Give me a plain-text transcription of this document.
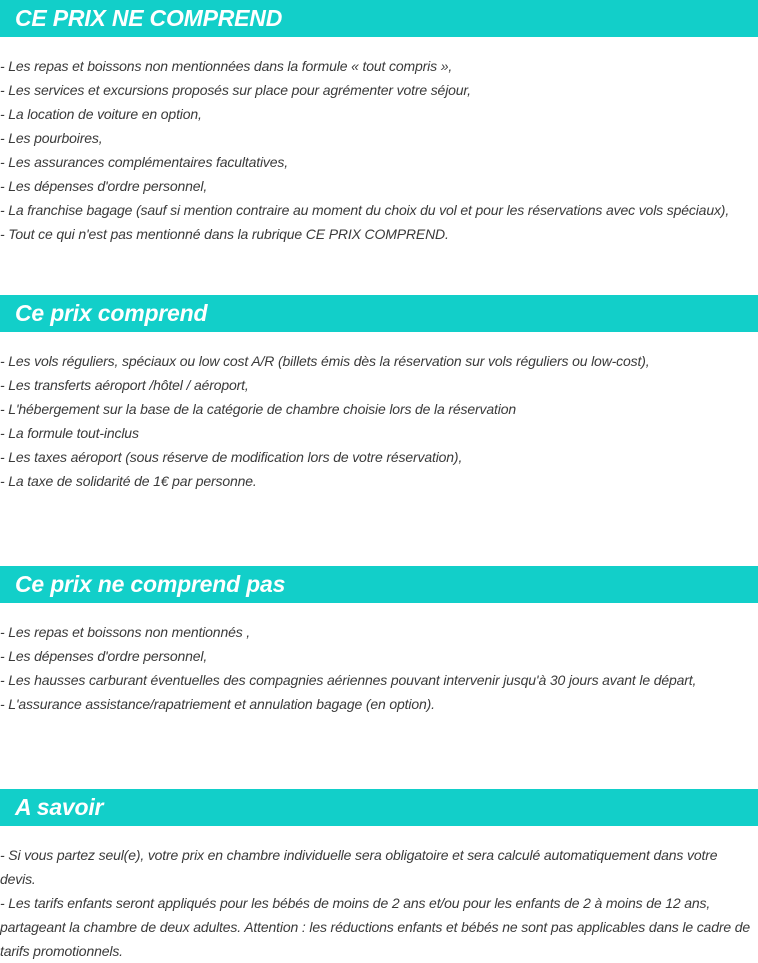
CE PRIX NE COMPREND
- Les repas et boissons non mentionnées dans la formule « tout compris »,
- Les services et excursions proposés sur place pour agrémenter votre séjour,
- La location de voiture en option,
- Les pourboires,
- Les assurances complémentaires facultatives,
- Les dépenses d'ordre personnel,
- La franchise bagage (sauf si mention contraire au moment du choix du vol et pour les réservations avec vols spéciaux),
- Tout ce qui n'est pas mentionné dans la rubrique CE PRIX COMPREND.
Ce prix comprend
- Les vols réguliers, spéciaux ou low cost A/R (billets émis dès la réservation sur vols réguliers ou low-cost),
- Les transferts aéroport /hôtel / aéroport,
- L'hébergement sur la base de la catégorie de chambre choisie lors de la réservation
- La formule tout-inclus
- Les taxes aéroport (sous réserve de modification lors de votre réservation),
- La taxe de solidarité de 1€ par personne.
Ce prix ne comprend pas
- Les repas et boissons non mentionnés ,
- Les dépenses d'ordre personnel,
- Les hausses carburant éventuelles des compagnies aériennes pouvant intervenir jusqu'à 30 jours avant le départ,
- L'assurance assistance/rapatriement et annulation bagage (en option).
A savoir

- Si vous partez seul(e), votre prix en chambre individuelle sera obligatoire et sera calculé automatiquement dans votre devis.

- Les tarifs enfants seront appliqués pour les bébés de moins de 2 ans et/ou pour les enfants de 2 à moins de 12 ans, partageant la chambre de deux adultes. Attention : les réductions enfants et bébés ne sont pas applicables dans le cadre de tarifs promotionnels.
